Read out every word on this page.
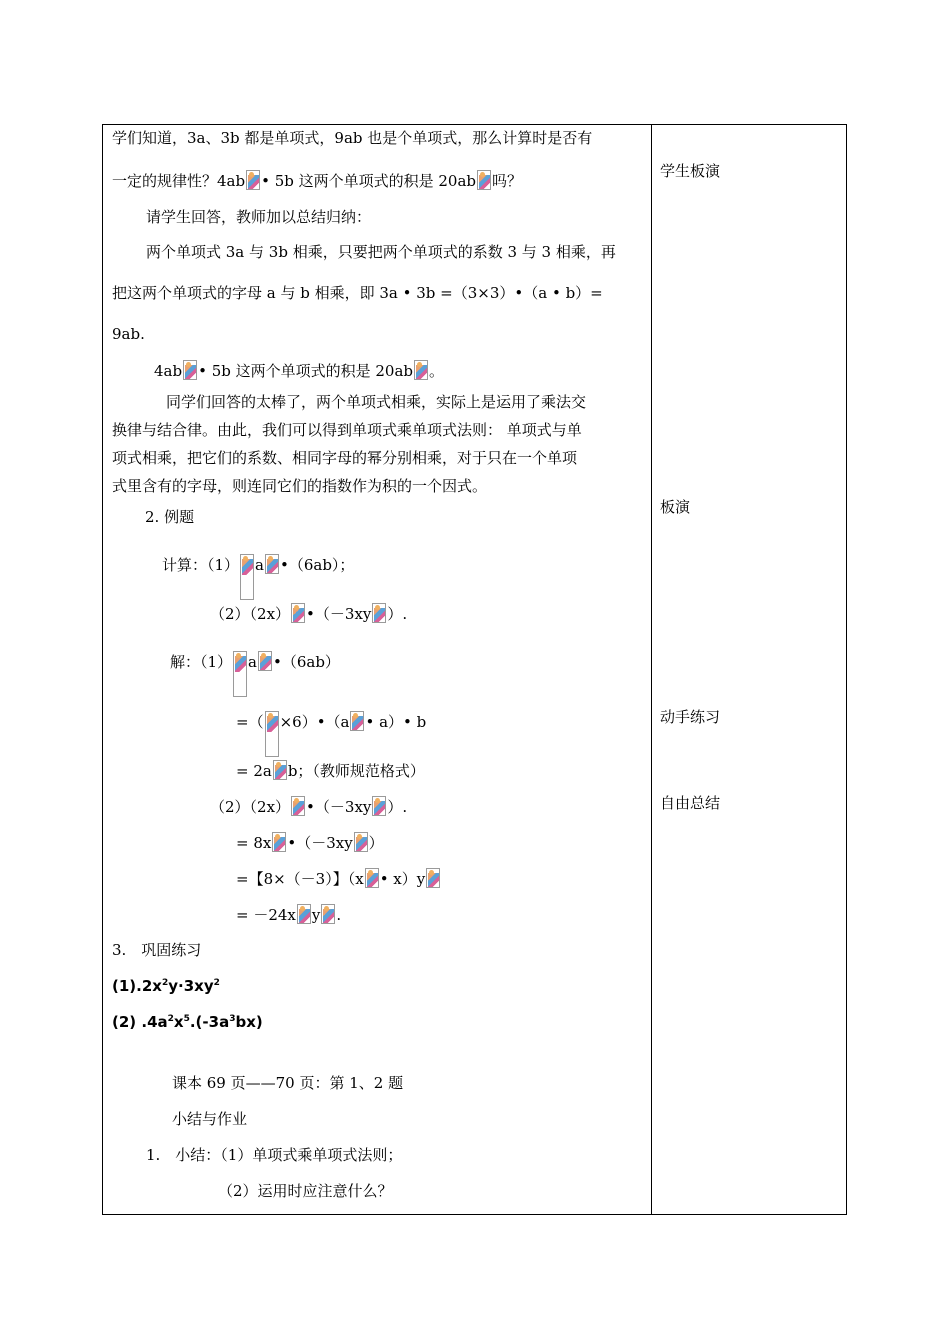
学们知道，3a、3b 都是单项式，9ab 也是个单项式，那么计算时是否有
一定的规律性？4ab • 5b 这两个单项式的积是 20ab 吗？
请学生回答，教师加以总结归纳：
两个单项式 3a 与 3b 相乘，只要把两个单项式的系数 3 与 3 相乘，再
把这两个单项式的字母 a 与 b 相乘，即 3a • 3b =（3×3）•（a • b）=
9ab.
4ab • 5b 这两个单项式的积是 20ab 。
同学们回答的太棒了，两个单项式相乘，实际上是运用了乘法交
换律与结合律。由此，我们可以得到单项式乘单项式法则： 单项式与单
项式相乘，把它们的系数、相同字母的幂分别相乘，对于只在一个单项
式里含有的字母，则连同它们的指数作为积的一个因式。
2. 例题
计算：（1） a •（6ab）；
（2）（2x） •（－3xy ）.
解：（1） a •（6ab）
=（ ×6）•（a • a）• b
= 2a b；（教师规范格式）
（2）（2x） •（－3xy ）.
= 8x •（－3xy ）
=【8×（－3）】（x • x）y
= －24x y .
3.　巩固练习
$(1).2x^2y\cdot 3xy^2$
(2) $.4a^2x^5.(-3a^3bx)$
课本 69 页——70 页：第 1、2 题
小结与作业
1.　小结：（1）单项式乘单项式法则；
（2）运用时应注意什么？
学生板演
板演
动手练习
自由总结
